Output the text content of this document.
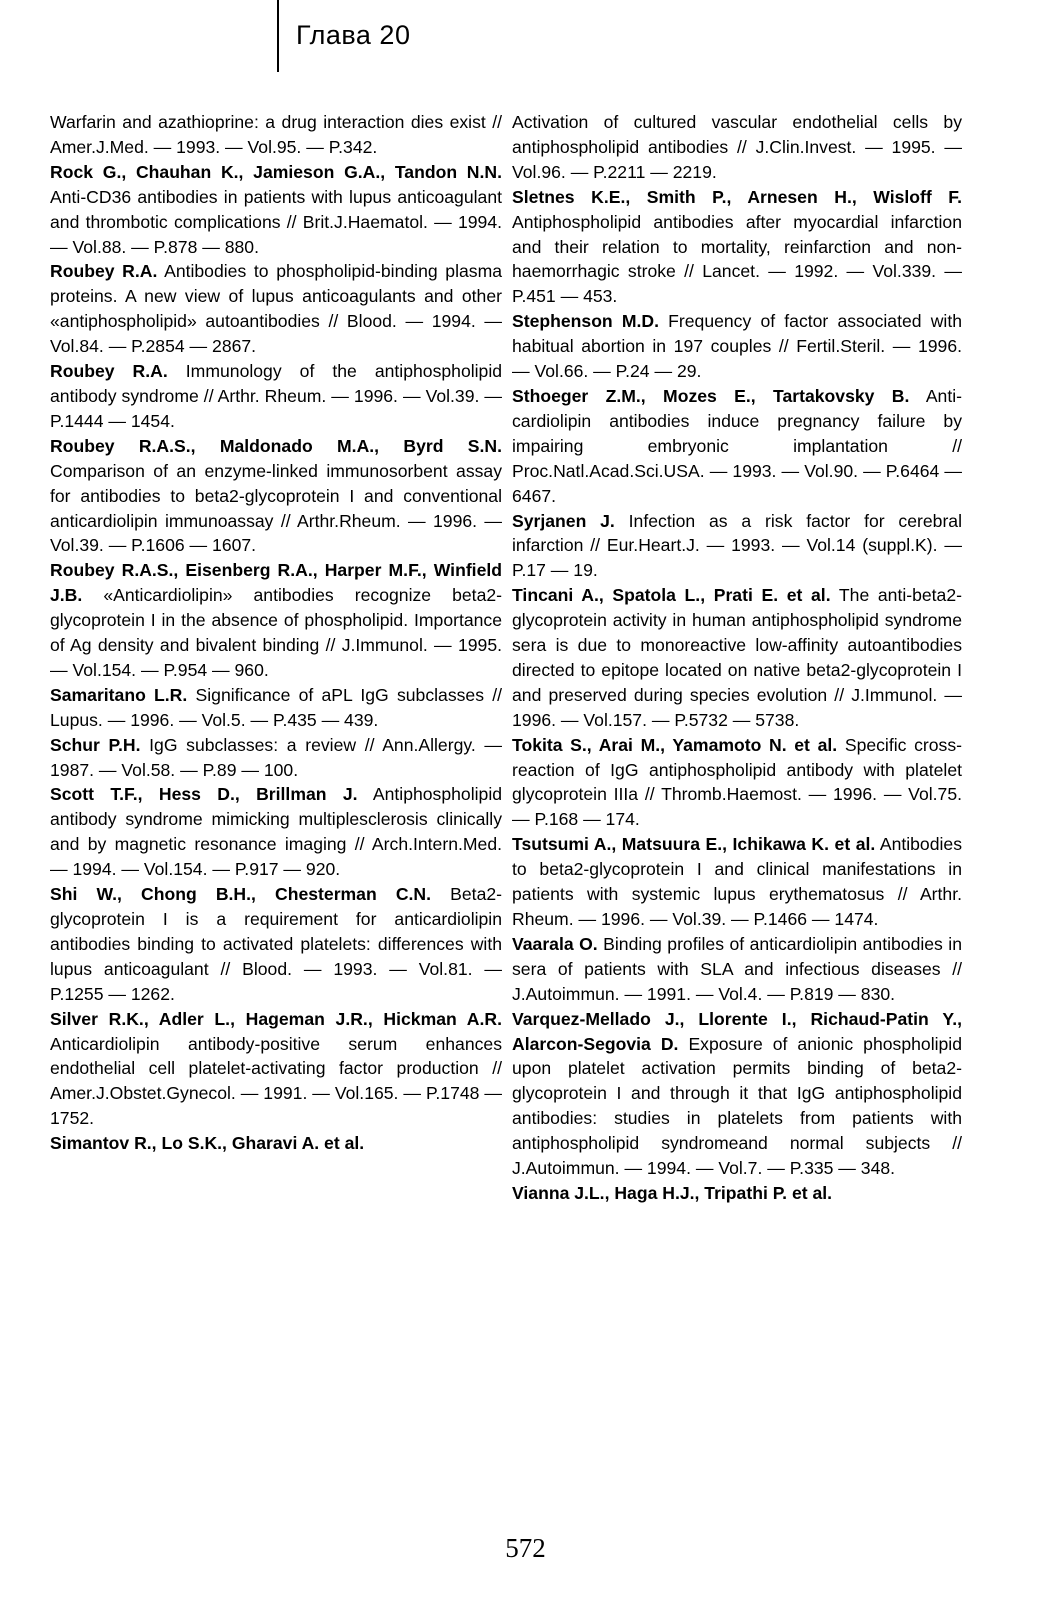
Глава 20

Warfarin and azathioprine: a drug interaction dies exist // Amer.J.Med. — 1993. — Vol.95. — P.342.

Rock G., Chauhan K., Jamieson G.A., Tandon N.N. Anti-CD36 antibodies in patients with lupus anticoagulant and thrombotic complications // Brit.J.Haematol. — 1994. — Vol.88. — P.878 — 880.

Roubey R.A. Antibodies to phospholipid-binding plasma proteins. A new view of lupus anticoagulants and other «antiphospholipid» autoantibodies // Blood. — 1994. — Vol.84. — P.2854 — 2867.

Roubey R.A. Immunology of the antiphospholipid antibody syndrome // Arthr. Rheum. — 1996. — Vol.39. — P.1444 — 1454.

Roubey R.A.S., Maldonado M.A., Byrd S.N. Comparison of an enzyme-linked immunosorbent assay for antibodies to beta2-glycoprotein I and conventional anticardiolipin immunoassay // Arthr.Rheum. — 1996. — Vol.39. — P.1606 — 1607.

Roubey R.A.S., Eisenberg R.A., Harper M.F., Winfield J.B. «Anticardiolipin» antibodies recognize beta2-glycoprotein I in the absence of phospholipid. Importance of Ag density and bivalent binding // J.Immunol. — 1995. — Vol.154. — P.954 — 960.

Samaritano L.R. Significance of aPL IgG subclasses // Lupus. — 1996. — Vol.5. — P.435 — 439.

Schur P.H. IgG subclasses: a review // Ann.Allergy. — 1987. — Vol.58. — P.89 — 100.

Scott T.F., Hess D., Brillman J. Antiphospholipid antibody syndrome mimicking multiplesclerosis clinically and by magnetic resonance imaging // Arch.Intern.Med. — 1994. — Vol.154. — P.917 — 920.

Shi W., Chong B.H., Chesterman C.N. Beta2-glycoprotein I is a requirement for anticardiolipin antibodies binding to activated platelets: differences with lupus anticoagulant // Blood. — 1993. — Vol.81. — P.1255 — 1262.

Silver R.K., Adler L., Hageman J.R., Hickman A.R. Anticardiolipin antibody-positive serum enhances endothelial cell platelet-activating factor production // Amer.J.Obstet.Gynecol. — 1991. — Vol.165. — P.1748 — 1752.

Simantov R., Lo S.K., Gharavi A. et al.

Activation of cultured vascular endothelial cells by antiphospholipid antibodies // J.Clin.Invest. — 1995. — Vol.96. — P.2211 — 2219.

Sletnes K.E., Smith P., Arnesen H., Wisloff F. Antiphospholipid antibodies after myocardial infarction and their relation to mortality, reinfarction and non-haemorrhagic stroke // Lancet. — 1992. — Vol.339. — P.451 — 453.

Stephenson M.D. Frequency of factor associated with habitual abortion in 197 couples // Fertil.Steril. — 1996. — Vol.66. — P.24 — 29.

Sthoeger Z.M., Mozes E., Tartakovsky B. Anti-cardiolipin antibodies induce pregnancy failure by impairing embryonic implantation // Proc.Natl.Acad.Sci.USA. — 1993. — Vol.90. — P.6464 — 6467.

Syrjanen J. Infection as a risk factor for cerebral infarction // Eur.Heart.J. — 1993. — Vol.14 (suppl.K). — P.17 — 19.

Tincani A., Spatola L., Prati E. et al. The anti-beta2-glycoprotein activity in human antiphospholipid syndrome sera is due to monoreactive low-affinity autoantibodies directed to epitope located on native beta2-glycoprotein I and preserved during species evolution // J.Immunol. — 1996. — Vol.157. — P.5732 — 5738.

Tokita S., Arai M., Yamamoto N. et al. Specific cross-reaction of IgG antiphospholipid antibody with platelet glycoprotein IIIa // Thromb.Haemost. — 1996. — Vol.75. — P.168 — 174.

Tsutsumi A., Matsuura E., Ichikawa K. et al. Antibodies to beta2-glycoprotein I and clinical manifestations in patients with systemic lupus erythematosus // Arthr. Rheum. — 1996. — Vol.39. — P.1466 — 1474.

Vaarala O. Binding profiles of anticardiolipin antibodies in sera of patients with SLA and infectious diseases // J.Autoimmun. — 1991. — Vol.4. — P.819 — 830.

Varquez-Mellado J., Llorente I., Richaud-Patin Y., Alarcon-Segovia D. Exposure of anionic phospholipid upon platelet activation permits binding of beta2-glycoprotein I and through it that IgG antiphospholipid antibodies: studies in platelets from patients with antiphospholipid syndromeand normal subjects // J.Autoimmun. — 1994. — Vol.7. — P.335 — 348.

Vianna J.L., Haga H.J., Tripathi P. et al.

572
